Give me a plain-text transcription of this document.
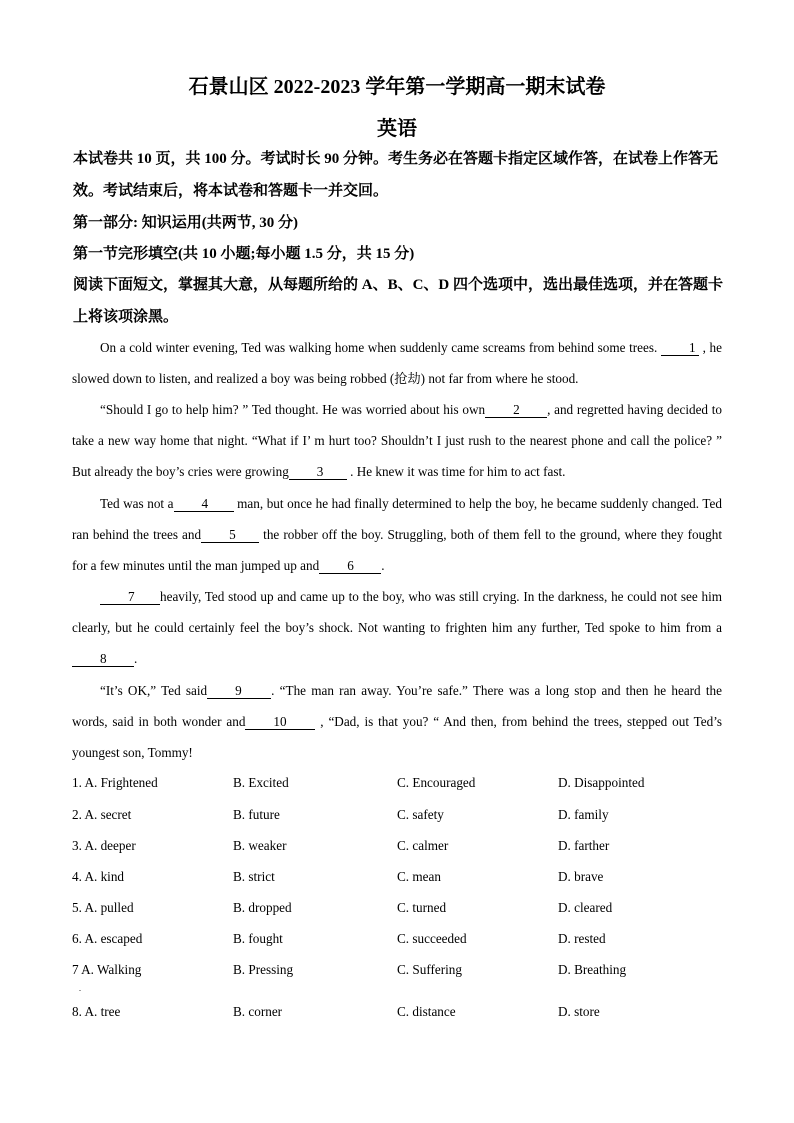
石景山区 2022-2023 学年第一学期高一期末试卷
英语
本试卷共 10 页，共 100 分。考试时长 90 分钟。考生务必在答题卡指定区域作答，在试卷上作答无效。考试结束后，将本试卷和答题卡一并交回。
第一部分: 知识运用(共两节, 30 分)
第一节完形填空(共 10 小题;每小题 1.5 分，共 15 分)
阅读下面短文，掌握其大意，从每题所给的 A、B、C、D 四个选项中，选出最佳选项，并在答题卡上将该项涂黑。
On a cold winter evening, Ted was walking home when suddenly came screams from behind some trees. 1 , he slowed down to listen, and realized a boy was being robbed (抢劫) not far from where he stood.
“Should I go to help him? ” Ted thought. He was worried about his own 2 , and regretted having decided to take a new way home that night. “What if I’ m hurt too? Shouldn’t I just rush to the nearest phone and call the police? ” But already the boy’s cries were growing 3 . He knew it was time for him to act fast.
Ted was not a 4 man, but once he had finally determined to help the boy, he became suddenly changed. Ted ran behind the trees and 5 the robber off the boy. Struggling, both of them fell to the ground, where they fought for a few minutes until the man jumped up and 6 .
7 heavily, Ted stood up and came up to the boy, who was still crying. In the darkness, he could not see him clearly, but he could certainly feel the boy’s shock. Not wanting to frighten him any further, Ted spoke to him from a8 .
“It’s OK,” Ted said 9 . “The man ran away. You’re safe.” There was a long stop and then he heard the words, said in both wonder and 10 , “Dad, is that you? “ And then, from behind the trees, stepped out Ted’s youngest son, Tommy!
1. A. Frightened	B. Excited	C. Encouraged	D. Disappointed
2. A. secret	B. future	C. safety	D. family
3. A. deeper	B. weaker	C. calmer	D. farther
4. A. kind	B. strict	C. mean	D. brave
5. A. pulled	B. dropped	C. turned	D. cleared
6. A. escaped	B. fought	C. succeeded	D. rested
7 A. Walking	B. Pressing	C. Suffering	D. Breathing
.
8. A. tree	B. corner	C. distance	D. store
